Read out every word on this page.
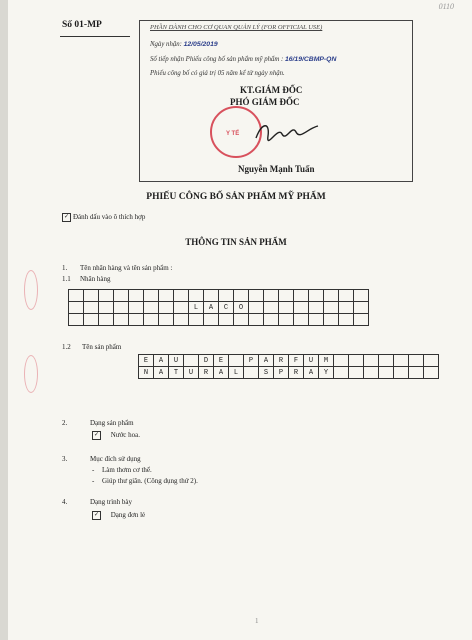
0110
Số 01-MP	PHẦN DÀNH CHO CƠ QUAN QUẢN LÝ (FOR OFFICIAL USE)
Ngày nhận: 12/05/2019
Số tiếp nhận Phiếu công bố sản phẩm mỹ phẩm : 16/19/CBMP-QN
Phiếu công bố có giá trị 05 năm kể từ ngày nhận.
KT.GIÁM ĐỐC
PHÓ GIÁM ĐỐC
Y TẾ
Nguyễn Mạnh Tuấn
PHIẾU CÔNG BỐ SẢN PHẨM MỸ PHẨM
✓ Đánh dấu vào ô thích hợp
THÔNG TIN SẢN PHẨM
1. Tên nhãn hàng và tên sản phẩm :
1.1 Nhãn hàng

								L	A	C	O								

1.2 Tên sản phẩm
E	A	U		D	E		P	A	R	F	U	M							
N	A	T	U	R	A	L		S	P	R	A	Y							
2.	Dạng sản phẩm
✓ Nước hoa.
3.	Mục đích sử dụng
- Làm thơm cơ thể.
- Giúp thư giãn. (Công dụng thứ 2).
4.	Dạng trình bày
✓ Dạng đơn lẻ
1
